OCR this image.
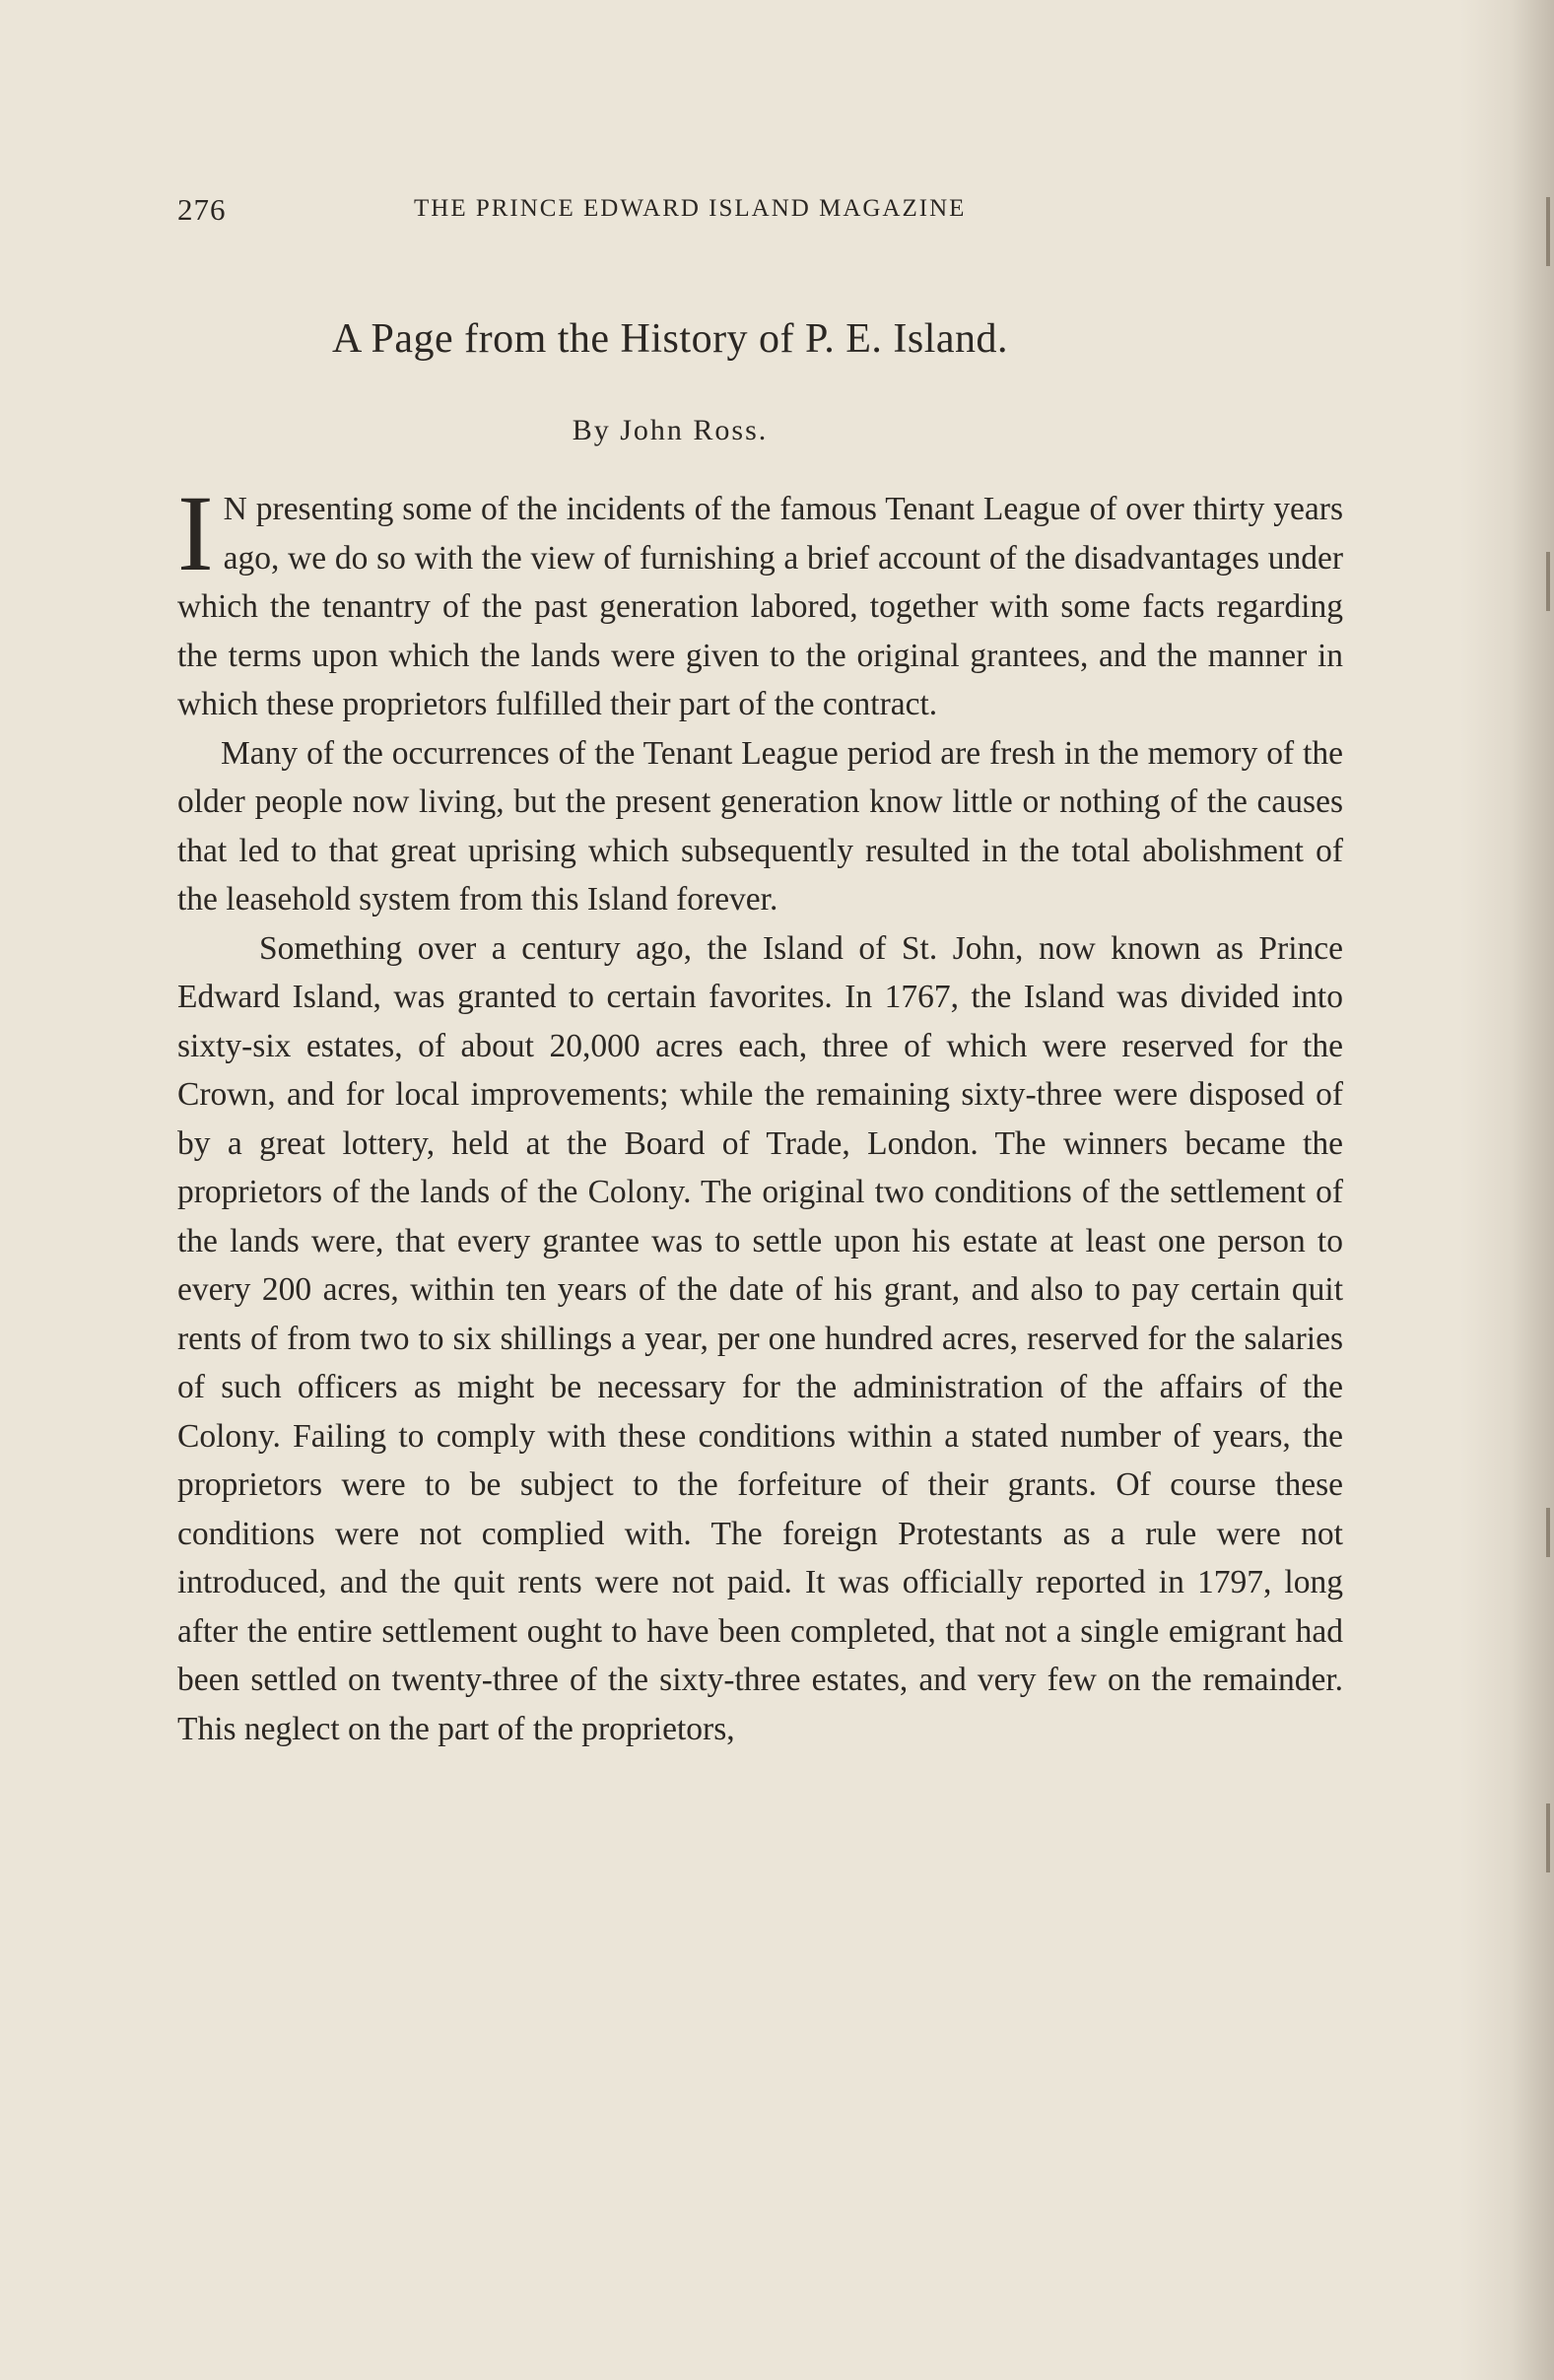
276	THE PRINCE EDWARD ISLAND MAGAZINE
A Page from the History of P. E. Island.
By John Ross.

I N presenting some of the incidents of the famous Tenant League of over thirty years ago, we do so with the view of furnishing a brief account of the disadvantages under which the tenantry of the past generation labored, together with some facts regarding the terms upon which the lands were given to the original grantees, and the manner in which these proprietors fulfilled their part of the contract.

Many of the occurrences of the Tenant League period are fresh in the memory of the older people now living, but the present generation know little or nothing of the causes that led to that great uprising which subsequently resulted in the total abolishment of the leasehold system from this Island forever.

Something over a century ago, the Island of St. John, now known as Prince Edward Island, was granted to certain favorites. In 1767, the Island was divided into sixty-six estates, of about 20,000 acres each, three of which were reserved for the Crown, and for local improvements; while the remaining sixty-three were disposed of by a great lottery, held at the Board of Trade, London. The winners became the proprietors of the lands of the Colony. The original two conditions of the settlement of the lands were, that every grantee was to settle upon his estate at least one person to every 200 acres, within ten years of the date of his grant, and also to pay certain quit rents of from two to six shillings a year, per one hundred acres, reserved for the salaries of such officers as might be necessary for the administration of the affairs of the Colony. Failing to comply with these conditions within a stated number of years, the proprietors were to be subject to the forfeiture of their grants. Of course these conditions were not complied with. The foreign Protestants as a rule were not introduced, and the quit rents were not paid. It was officially reported in 1797, long after the entire settlement ought to have been completed, that not a single emigrant had been settled on twenty-three of the sixty-three estates, and very few on the remainder. This neglect on the part of the proprietors,
